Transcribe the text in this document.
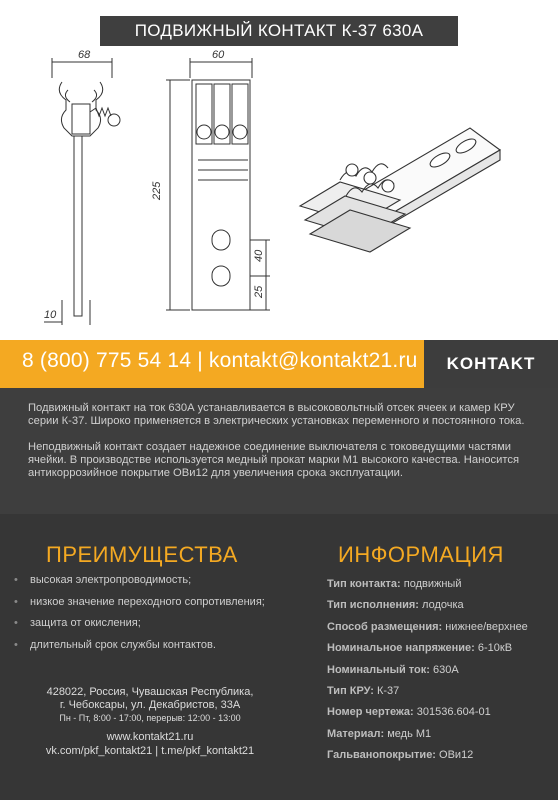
68
10
60
225
40
25
ПОДВИЖНЫЙ КОНТАКТ К-37 630А
8 (800) 775 54 14 | kontakt@kontakt21.ru KOHTAKT

Подвижный контакт на ток 630А устанавливается в высоковольтный отсек ячеек и камер КРУ серии К-37. Широко применяется в электрических установках переменного и постоянного тока.

Неподвижный контакт создает надежное соединение выключателя с токоведущими частями ячейки. В производстве используется медный прокат марки М1 высокого качества. Наносится антикоррозийное покрытие ОВи12 для увеличения срока эксплуатации.

ПРЕИМУЩЕСТВА
•	высокая электропроводимость;
•	низкое значение переходного сопротивления;
•	защита от окисления;
•	длительный срок службы контактов.
ИНФОРМАЦИЯ
Тип контакта: подвижный
Тип исполнения: лодочка
Способ размещения: нижнее/верхнее
Номинальное напряжение: 6-10кВ
Номинальный ток: 630А
Тип КРУ: К-37
Номер чертежа: 301536.604-01
Материал: медь М1
Гальванопокрытие: ОВи12
428022, Россия, Чувашская Республика,
г. Чебоксары, ул. Декабристов, 33А
Пн - Пт, 8:00 - 17:00, перерыв: 12:00 - 13:00
www.kontakt21.ru
vk.com/pkf_kontakt21 | t.me/pkf_kontakt21
